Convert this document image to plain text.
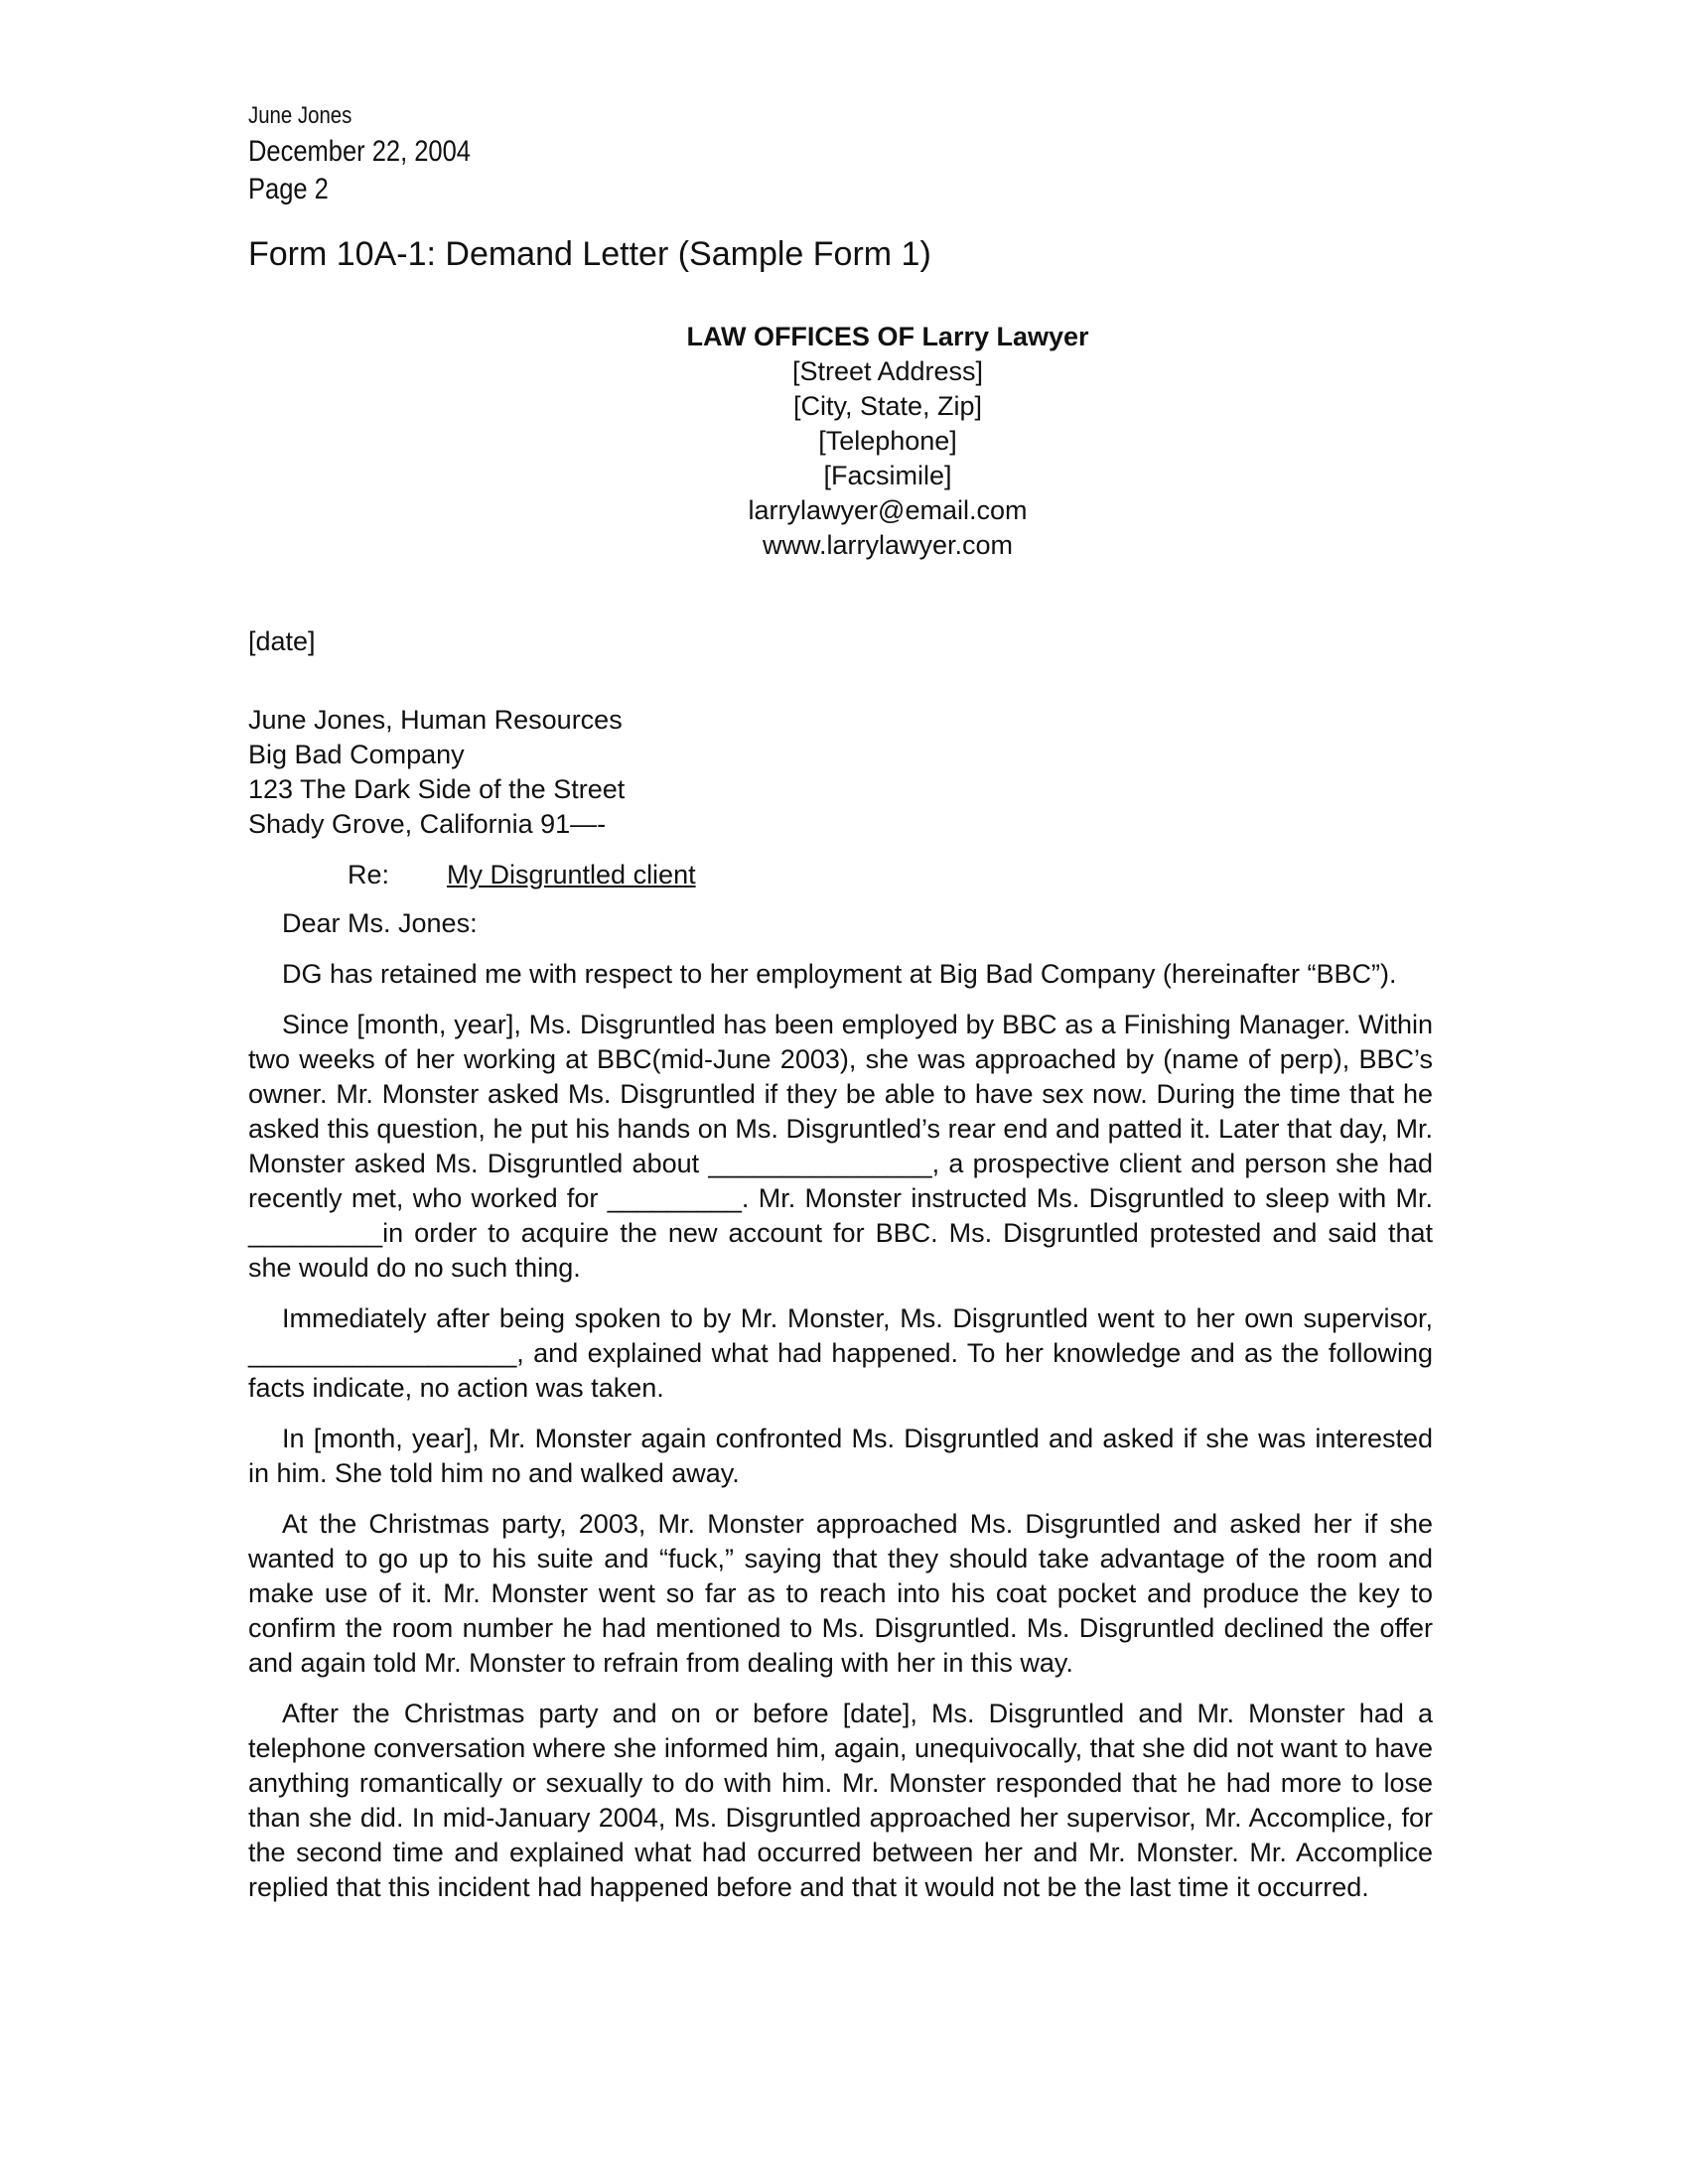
June Jones
December 22, 2004
Page 2
Form 10A-1: Demand Letter (Sample Form 1)
LAW OFFICES OF Larry Lawyer
[Street Address]
[City, State, Zip]
[Telephone]
[Facsimile]
larrylawyer@email.com
www.larrylawyer.com
[date]
June Jones, Human Resources
Big Bad Company
123 The Dark Side of the Street
Shady Grove, California 91—-
Re: My Disgruntled client
Dear Ms. Jones:
DG has retained me with respect to her employment at Big Bad Company (hereinafter “BBC”).
Since [month, year], Ms. Disgruntled has been employed by BBC as a Finishing Manager. Within two weeks of her working at BBC(mid-June 2003), she was approached by (name of perp), BBC’s owner. Mr. Monster asked Ms. Disgruntled if they be able to have sex now. During the time that he asked this question, he put his hands on Ms. Disgruntled’s rear end and patted it. Later that day, Mr. Monster asked Ms. Disgruntled about _______________, a prospective client and person she had recently met, who worked for _________. Mr. Monster instructed Ms. Disgruntled to sleep with Mr. _________in order to acquire the new account for BBC. Ms. Disgruntled protested and said that she would do no such thing.
Immediately after being spoken to by Mr. Monster, Ms. Disgruntled went to her own supervisor, __________________, and explained what had happened. To her knowledge and as the following facts indicate, no action was taken.
In [month, year], Mr. Monster again confronted Ms. Disgruntled and asked if she was interested in him. She told him no and walked away.
At the Christmas party, 2003, Mr. Monster approached Ms. Disgruntled and asked her if she wanted to go up to his suite and “fuck,” saying that they should take advantage of the room and make use of it. Mr. Monster went so far as to reach into his coat pocket and produce the key to confirm the room number he had mentioned to Ms. Disgruntled. Ms. Disgruntled declined the offer and again told Mr. Monster to refrain from dealing with her in this way.
After the Christmas party and on or before [date], Ms. Disgruntled and Mr. Monster had a telephone conversation where she informed him, again, unequivocally, that she did not want to have anything romantically or sexually to do with him. Mr. Monster responded that he had more to lose than she did. In mid-January 2004, Ms. Disgruntled approached her supervisor, Mr. Accomplice, for the second time and explained what had occurred between her and Mr. Monster. Mr. Accomplice replied that this incident had happened before and that it would not be the last time it occurred.
